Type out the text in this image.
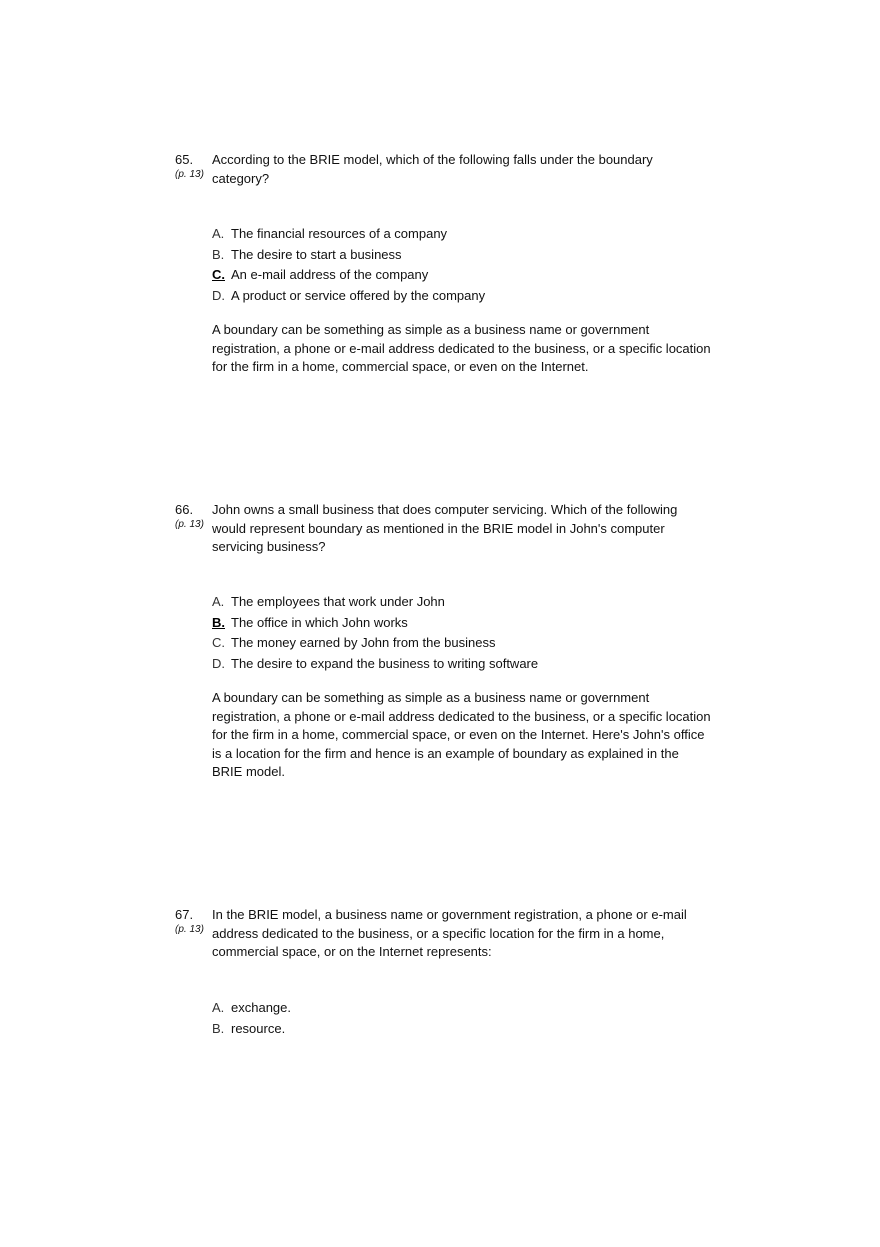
65.
(p. 13)
According to the BRIE model, which of the following falls under the boundary category?
A. The financial resources of a company
B. The desire to start a business
C. An e-mail address of the company
D. A product or service offered by the company
A boundary can be something as simple as a business name or government registration, a phone or e-mail address dedicated to the business, or a specific location for the firm in a home, commercial space, or even on the Internet.
66.
(p. 13)
John owns a small business that does computer servicing. Which of the following would represent boundary as mentioned in the BRIE model in John's computer servicing business?
A. The employees that work under John
B. The office in which John works
C. The money earned by John from the business
D. The desire to expand the business to writing software
A boundary can be something as simple as a business name or government registration, a phone or e-mail address dedicated to the business, or a specific location for the firm in a home, commercial space, or even on the Internet. Here's John's office is a location for the firm and hence is an example of boundary as explained in the BRIE model.
67.
(p. 13)
In the BRIE model, a business name or government registration, a phone or e-mail address dedicated to the business, or a specific location for the firm in a home, commercial space, or on the Internet represents:
A. exchange.
B. resource.
